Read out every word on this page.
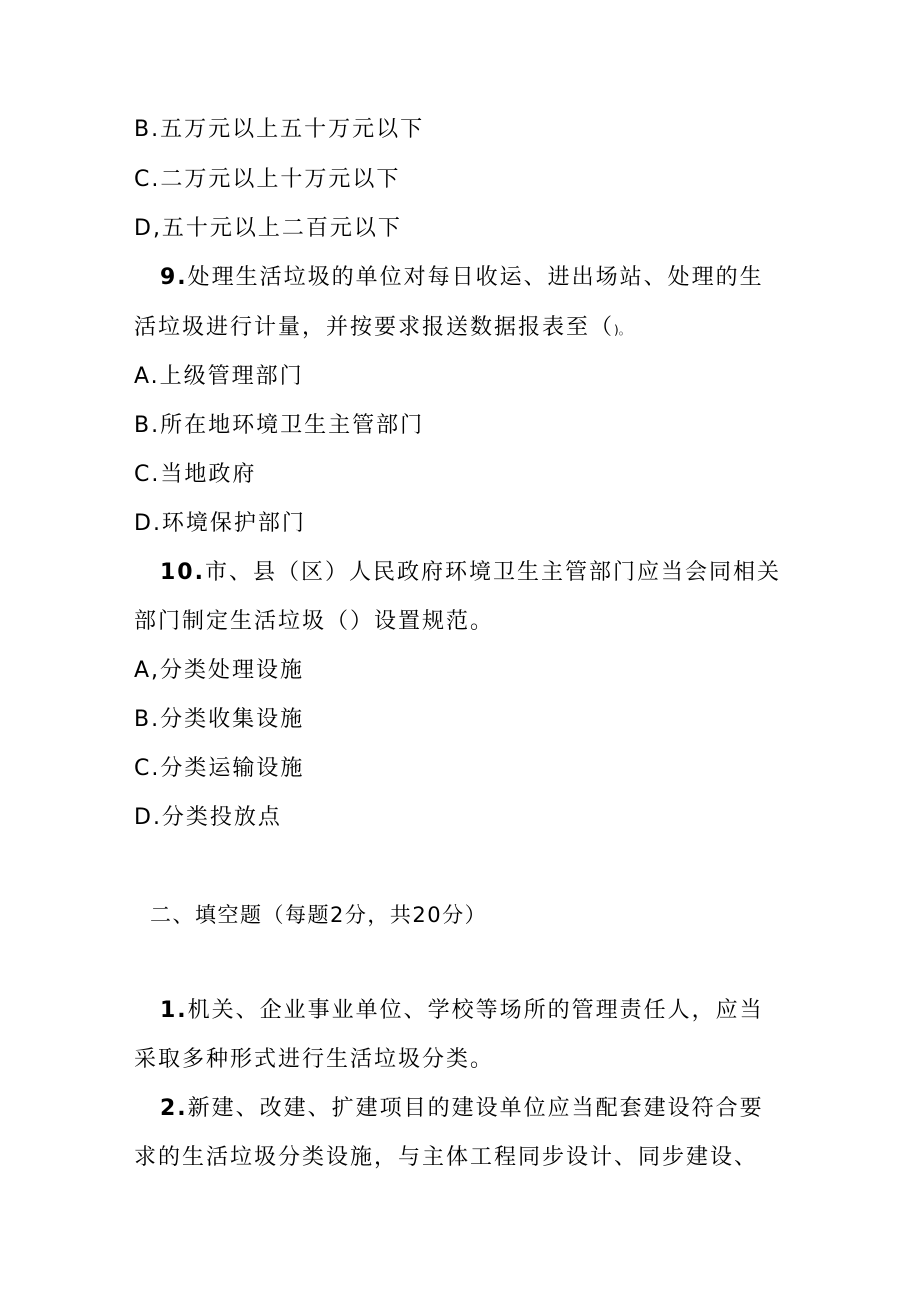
B.五万元以上五十万元以下
C.二万元以上十万元以下
D,五十元以上二百元以下
9.处理生活垃圾的单位对每日收运、进出场站、处理的生
活垃圾进行计量，并按要求报送数据报表至（)。
A.上级管理部门
B.所在地环境卫生主管部门
C.当地政府
D.环境保护部门
10.市、县（区）人民政府环境卫生主管部门应当会同相关
部门制定生活垃圾（）设置规范。
A,分类处理设施
B.分类收集设施
C.分类运输设施
D.分类投放点
二、填空题（每题2分，共20分）
1.机关、企业事业单位、学校等场所的管理责任人，应当
采取多种形式进行生活垃圾分类。
2.新建、改建、扩建项目的建设单位应当配套建设符合要
求的生活垃圾分类设施，与主体工程同步设计、同步建设、
